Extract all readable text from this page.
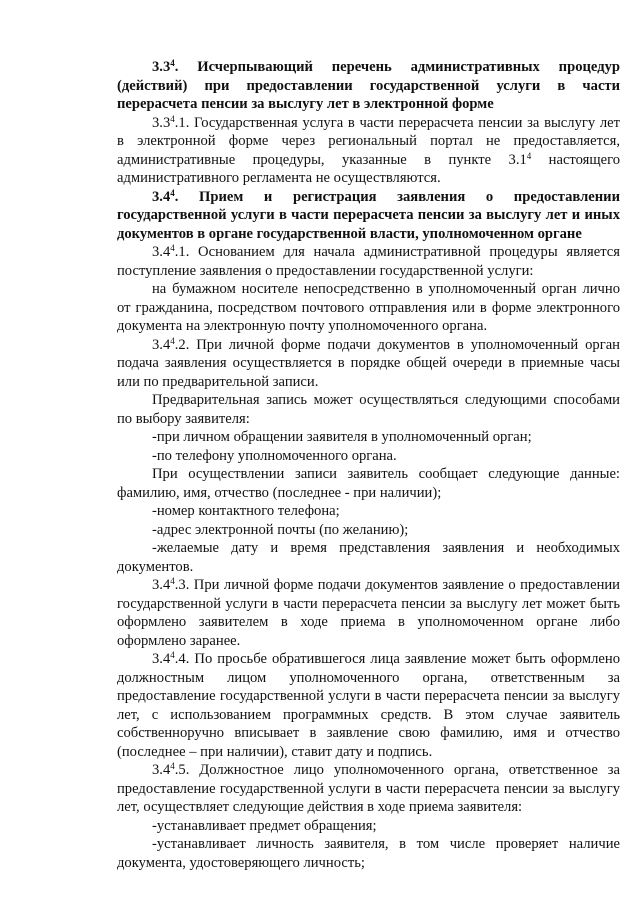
$3.3^4$. Исчерпывающий перечень административных процедур (действий) при предоставлении государственной услуги в части перерасчета пенсии за выслугу лет в электронной форме

$3.3^4.1$. Государственная услуга в части перерасчета пенсии за выслугу лет в электронной форме через региональный портал не предоставляется, административные процедуры, указанные в пункте $3.1^4$ настоящего административного регламента не осуществляются.

$3.4^4$. Прием и регистрация заявления о предоставлении государственной услуги в части перерасчета пенсии за выслугу лет и иных документов в органе государственной власти, уполномоченном органе

$3.4^4.1$. Основанием для начала административной процедуры является поступление заявления о предоставлении государственной услуги:

на бумажном носителе непосредственно в уполномоченный орган лично от гражданина, посредством почтового отправления или в форме электронного документа на электронную почту уполномоченного органа.

$3.4^4.2$. При личной форме подачи документов в уполномоченный орган подача заявления осуществляется в порядке общей очереди в приемные часы или по предварительной записи.

Предварительная запись может осуществляться следующими способами по выбору заявителя:

-при личном обращении заявителя в уполномоченный орган;

-по телефону уполномоченного органа.

При осуществлении записи заявитель сообщает следующие данные: фамилию, имя, отчество (последнее - при наличии);

-номер контактного телефона;

-адрес электронной почты (по желанию);

-желаемые дату и время представления заявления и необходимых документов.

$3.4^4.3$. При личной форме подачи документов заявление о предоставлении государственной услуги в части перерасчета пенсии за выслугу лет может быть оформлено заявителем в ходе приема в уполномоченном органе либо оформлено заранее.

$3.4^4.4$. По просьбе обратившегося лица заявление может быть оформлено должностным лицом уполномоченного органа, ответственным за предоставление государственной услуги в части перерасчета пенсии за выслугу лет, с использованием программных средств. В этом случае заявитель собственноручно вписывает в заявление свою фамилию, имя и отчество (последнее – при наличии), ставит дату и подпись.

$3.4^4.5$. Должностное лицо уполномоченного органа, ответственное за предоставление государственной услуги в части перерасчета пенсии за выслугу лет, осуществляет следующие действия в ходе приема заявителя:

-устанавливает предмет обращения;

-устанавливает личность заявителя, в том числе проверяет наличие документа, удостоверяющего личность;
